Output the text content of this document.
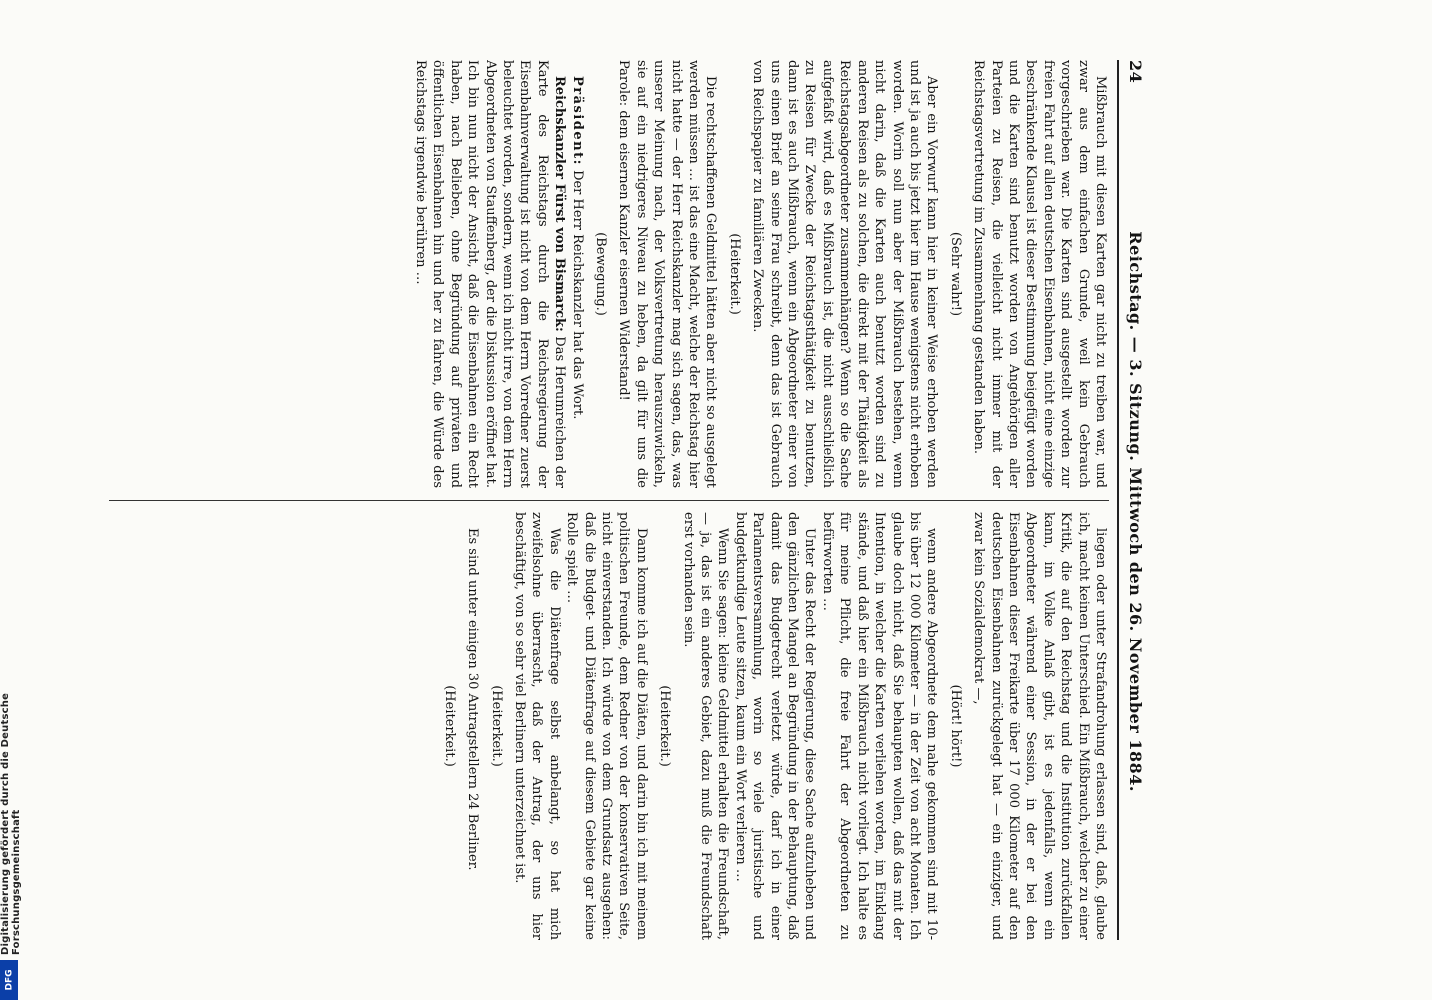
24
Reichstag. — 3. Sitzung. Mittwoch den 26. November 1884.

Mißbrauch mit diesen Karten gar nicht zu treiben war, und zwar aus dem einfachen Grunde, weil kein Gebrauch vorgeschrieben war. Die Karten sind ausgestellt worden zur freien Fahrt auf allen deutschen Eisenbahnen, nicht eine einzige beschränkende Klausel ist dieser Bestimmung beigefügt worden und die Karten sind benutzt worden von Angehörigen aller Parteien zu Reisen, die vielleicht nicht immer mit der Reichstagsvertretung im Zusammenhang gestanden haben.

(Sehr wahr!)

Aber ein Vorwurf kann hier in keiner Weise erhoben werden und ist ja auch bis jetzt hier im Hause wenigstens nicht erhoben worden. Worin soll nun aber der Mißbrauch bestehen, wenn nicht darin, daß die Karten auch benutzt worden sind zu anderen Reisen als zu solchen, die direkt mit der Thätigkeit als Reichstagsabgeordneter zusammenhängen? Wenn so die Sache aufgefaßt wird, daß es Mißbrauch ist, die nicht ausschließlich zu Reisen für Zwecke der Reichstagsthätigkeit zu benutzen, dann ist es auch Mißbrauch, wenn ein Abgeordneter einer von uns einen Brief an seine Frau schreibt, denn das ist Gebrauch von Reichspapier zu familiären Zwecken.

(Heiterkeit.)

Die rechtschaffenen Geldmittel hätten aber nicht so ausgelegt werden müssen … ist das eine Macht, welche der Reichstag hier nicht hatte — der Herr Reichskanzler mag sich sagen, das, was unserer Meinung nach, der Volksvertretung herauszuwickeln, sie auf ein niedrigeres Niveau zu heben, da gilt für uns die Parole: dem eisernen Kanzler eisernen Widerstand!

(Bewegung.)

Präsident: Der Herr Reichskanzler hat das Wort.

Reichskanzler Fürst von Bismarck: Das Herumreichen der Karte des Reichstags durch die Reichsregierung der Eisenbahnverwaltung ist nicht von dem Herrn Vorredner zuerst beleuchtet worden, sondern, wenn ich nicht irre, von dem Herrn Abgeordneten von Stauffenberg, der die Diskussion eröffnet hat. Ich bin nun nicht der Ansicht, daß die Eisenbahnen ein Recht haben, nach Belieben, ohne Begründung auf privaten und öffentlichen Eisenbahnen hin und her zu fahren, die Würde des Reichstags irgendwie berühren …

liegen oder unter Strafandrohung erlassen sind, daß, glaube ich, macht keinen Unterschied. Ein Mißbrauch, welcher zu einer Kritik, die auf den Reichstag und die Institution zurückfallen kann, im Volke Anlaß gibt, ist es jedenfalls, wenn ein Abgeordneter während einer Session, in der er bei den Eisenbahnen dieser Freikarte über 17 000 Kilometer auf den deutschen Eisenbahnen zurückgelegt hat — ein einziger, und zwar kein Sozialdemokrat —,

(Hört! hört!)

wenn andere Abgeordnete dem nahe gekommen sind mit 10- bis über 12 000 Kilometer — in der Zeit von acht Monaten. Ich glaube doch nicht, daß Sie behaupten wollen, daß das mit der Intention, in welcher die Karten verliehen worden, im Einklang stände, und daß hier ein Mißbrauch nicht vorliegt. Ich halte es für meine Pflicht, die freie Fahrt der Abgeordneten zu befürworten …

Unter das Recht der Regierung, diese Sache aufzuheben und den gänzlichen Mangel an Begründung in der Behauptung, daß damit das Budgetrecht verletzt würde, darf ich in einer Parlamentsversammlung, worin so viele juristische und budgetkundige Leute sitzen, kaum ein Wort verlieren …

Wenn Sie sagen: kleine Geldmittel erhalten die Freundschaft, — ja, das ist ein anderes Gebiet, dazu muß die Freundschaft erst vorhanden sein.

(Heiterkeit.)

Dann komme ich auf die Diäten, und darin bin ich mit meinem politischen Freunde, dem Redner von der konservativen Seite, nicht einverstanden. Ich würde von dem Grundsatz ausgehen: daß die Budget- und Diätenfrage auf diesem Gebiete gar keine Rolle spielt …

Was die Diätenfrage selbst anbelangt, so hat mich zweifelsohne überrascht, daß der Antrag, der uns hier beschäftigt, von so sehr viel Berlinern unterzeichnet ist.

(Heiterkeit.)

Es sind unter einigen 30 Antragstellern 24 Berliner.

(Heiterkeit.)

Digitalisierung gefördert durch die Deutsche Forschungsgemeinschaft
DFG
